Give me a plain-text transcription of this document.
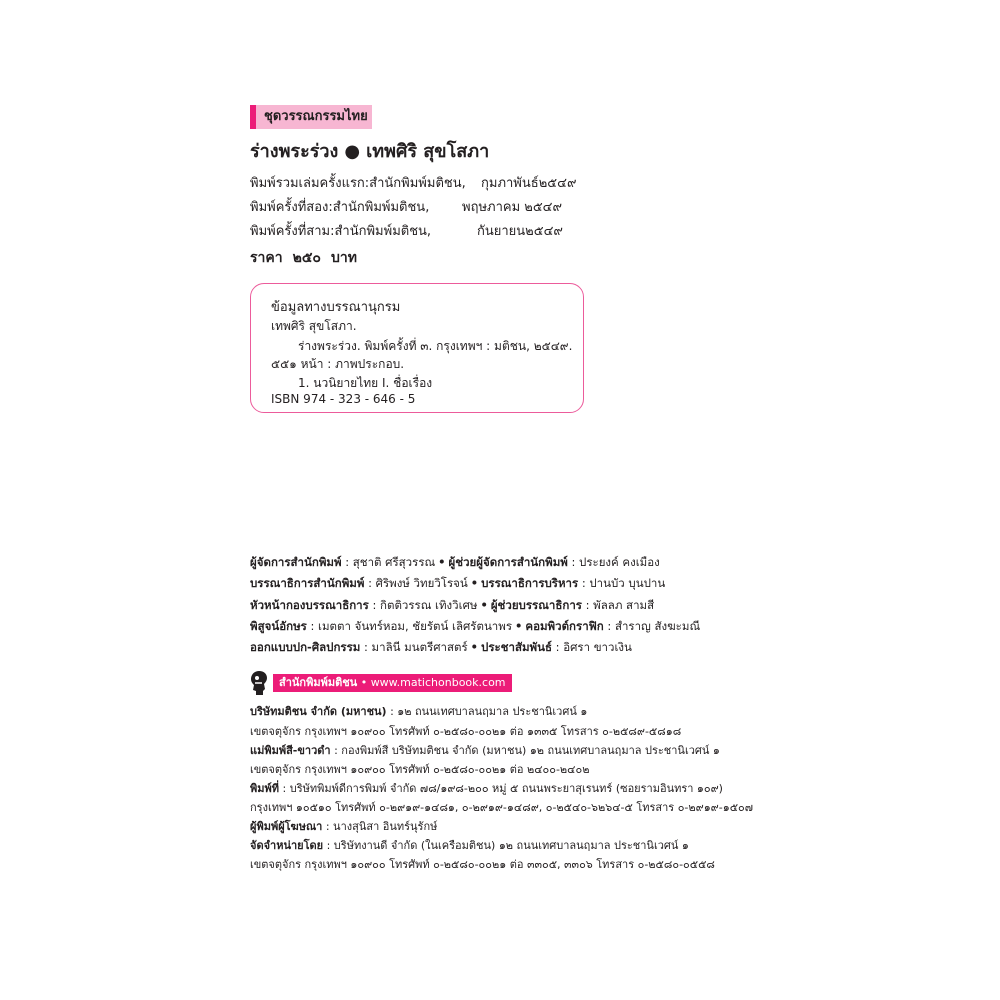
ชุดวรรณกรรมไทย
ร่างพระร่วง ● เทพศิริ สุขโสภา
พิมพ์รวมเล่มครั้งแรก:สำนักพิมพ์มติชน, กุมภาพันธ์๒๕๔๙
พิมพ์ครั้งที่สอง:สำนักพิมพ์มติชน,	พฤษภาคม ๒๕๔๙
พิมพ์ครั้งที่สาม:สำนักพิมพ์มติชน,	กันยายน๒๕๔๙
ราคา ๒๕๐ บาท
ข้อมูลทางบรรณานุกรม
เทพศิริ สุขโสภา.
ร่างพระร่วง. พิมพ์ครั้งที่ ๓. กรุงเทพฯ : มติชน, ๒๕๔๙.
๕๕๑ หน้า : ภาพประกอบ.
1. นวนิยายไทย I. ชื่อเรื่อง
ISBN 974 - 323 - 646 - 5
ผู้จัดการสำนักพิมพ์ : สุชาติ ศรีสุวรรณ • ผู้ช่วยผู้จัดการสำนักพิมพ์ : ประยงค์ คงเมือง
บรรณาธิการสำนักพิมพ์ : ศิริพงษ์ วิทยวิโรจน์ • บรรณาธิการบริหาร : ปานบัว บุนปาน
หัวหน้ากองบรรณาธิการ : กิตติวรรณ เทิงวิเศษ • ผู้ช่วยบรรณาธิการ : พัลลภ สามสี
พิสูจน์อักษร : เมตตา จันทร์หอม, ชัยรัตน์ เลิศรัตนาพร • คอมพิวต์กราฟิก : สำราญ สังฆะมณี
ออกแบบปก-ศิลปกรรม : มาลินี มนตรีศาสตร์ • ประชาสัมพันธ์ : อิศรา ขาวเงิน
สำนักพิมพ์มติชน • www.matichonbook.com
บริษัทมติชน จำกัด (มหาชน) : ๑๒ ถนนเทศบาลนฤมาล ประชานิเวศน์ ๑
เขตจตุจักร กรุงเทพฯ ๑๐๙๐๐ โทรศัพท์ ๐-๒๕๘๐-๐๐๒๑ ต่อ ๑๓๓๕ โทรสาร ๐-๒๕๘๙-๕๘๑๘
แม่พิมพ์สี-ขาวดำ : กองพิมพ์สี บริษัทมติชน จำกัด (มหาชน) ๑๒ ถนนเทศบาลนฤมาล ประชานิเวศน์ ๑
เขตจตุจักร กรุงเทพฯ ๑๐๙๐๐ โทรศัพท์ ๐-๒๕๘๐-๐๐๒๑ ต่อ ๒๔๐๐-๒๔๐๒
พิมพ์ที่ : บริษัทพิมพ์ดีการพิมพ์ จำกัด ๗๘/๑๙๘-๒๐๐ หมู่ ๕ ถนนพระยาสุเรนทร์ (ซอยรามอินทรา ๑๐๙)
กรุงเทพฯ ๑๐๕๑๐ โทรศัพท์ ๐-๒๙๑๙-๑๔๘๑, ๐-๒๙๑๙-๑๔๘๙, ๐-๒๕๔๐-๖๒๖๔-๕ โทรสาร ๐-๒๙๑๙-๑๕๐๗
ผู้พิมพ์ผู้โฆษณา : นางสุนิสา อินทร์นุรักษ์
จัดจำหน่ายโดย : บริษัทงานดี จำกัด (ในเครือมติชน) ๑๒ ถนนเทศบาลนฤมาล ประชานิเวศน์ ๑
เขตจตุจักร กรุงเทพฯ ๑๐๙๐๐ โทรศัพท์ ๐-๒๕๘๐-๐๐๒๑ ต่อ ๓๓๐๕, ๓๓๐๖ โทรสาร ๐-๒๕๘๐-๐๕๕๘
